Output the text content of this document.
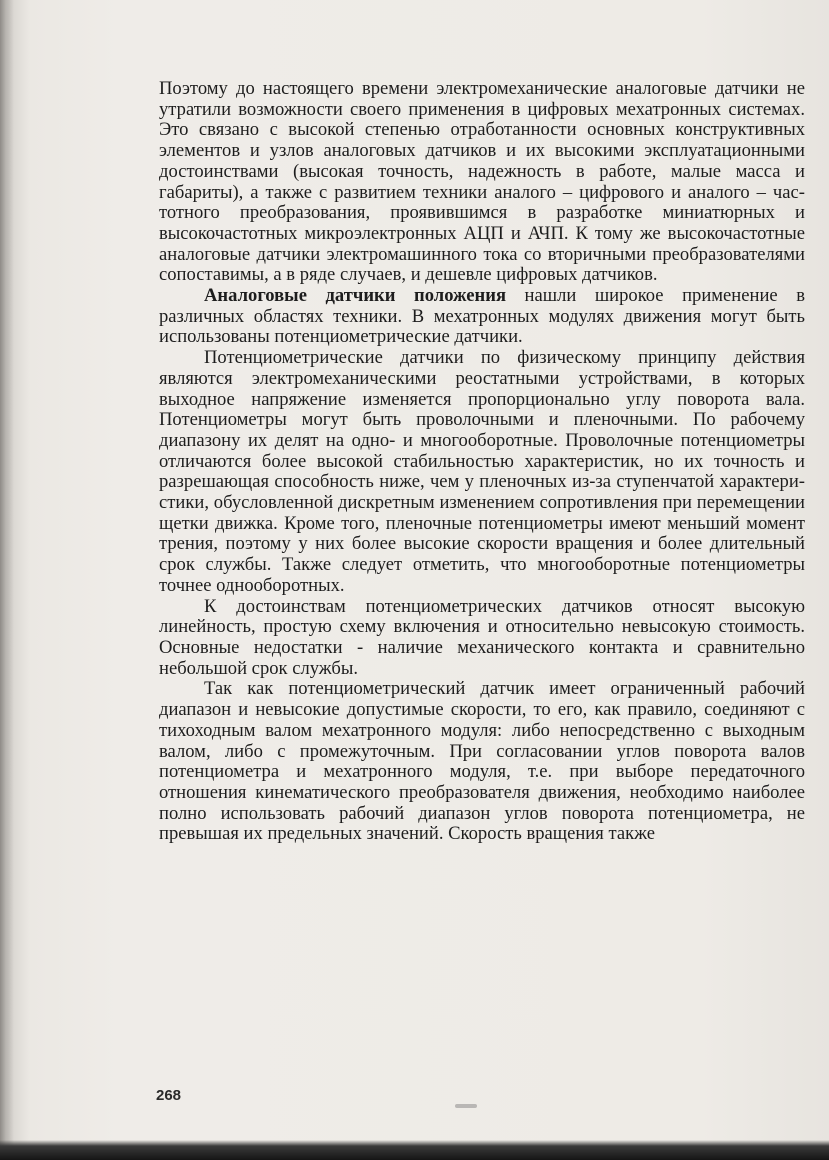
Поэтому до настоящего времени электромеханические аналоговые датчики не утратили возможности своего применения в цифровых мехатронных системах. Это связано с высокой степенью отработанности основных конструктивных элементов и узлов аналоговых датчиков и их высокими эксплуатационными достоинствами (высокая точность, надежность в работе, малые масса и габариты), а также с развитием техники аналого – цифрового и аналого – частотного преобразования, проявившимся в разработке миниатюрных и высокочастотных микроэлектронных АЦП и АЧП. К тому же высокочастотные аналоговые датчики электромашинного тока со вторичными преобразователями сопоставимы, а в ряде случаев, и дешевле цифровых датчиков.

Аналоговые датчики положения нашли широкое применение в различных областях техники. В мехатронных модулях движения могут быть использованы потенциометрические датчики.

Потенциометрические датчики по физическому принципу действия являются электромеханическими реостатными устройствами, в которых выходное напряжение изменяется пропорционально углу поворота вала. Потенциометры могут быть проволочными и пленочными. По рабочему диапазону их делят на одно- и многооборотные. Проволочные потенциометры отличаются более высокой стабильностью характеристик, но их точность и разрешающая способность ниже, чем у пленочных из-за ступенчатой характеристики, обусловленной дискретным изменением сопротивления при перемещении щетки движка. Кроме того, пленочные потенциометры имеют меньший момент трения, поэтому у них более высокие скорости вращения и более длительный срок службы. Также следует отметить, что многооборотные потенциометры точнее однооборотных.

К достоинствам потенциометрических датчиков относят высокую линейность, простую схему включения и относительно невысокую стоимость. Основные недостатки - наличие механического контакта и сравнительно небольшой срок службы.

Так как потенциометрический датчик имеет ограниченный рабочий диапазон и невысокие допустимые скорости, то его, как правило, соединяют с тихоходным валом мехатронного модуля: либо непосредственно с выходным валом, либо с промежуточным. При согласовании углов поворота валов потенциометра и мехатронного модуля, т.е. при выборе передаточного отношения кинематического преобразователя движения, необходимо наиболее полно использовать рабочий диапазон углов поворота потенциометра, не превышая их предельных значений. Скорость вращения также

268
